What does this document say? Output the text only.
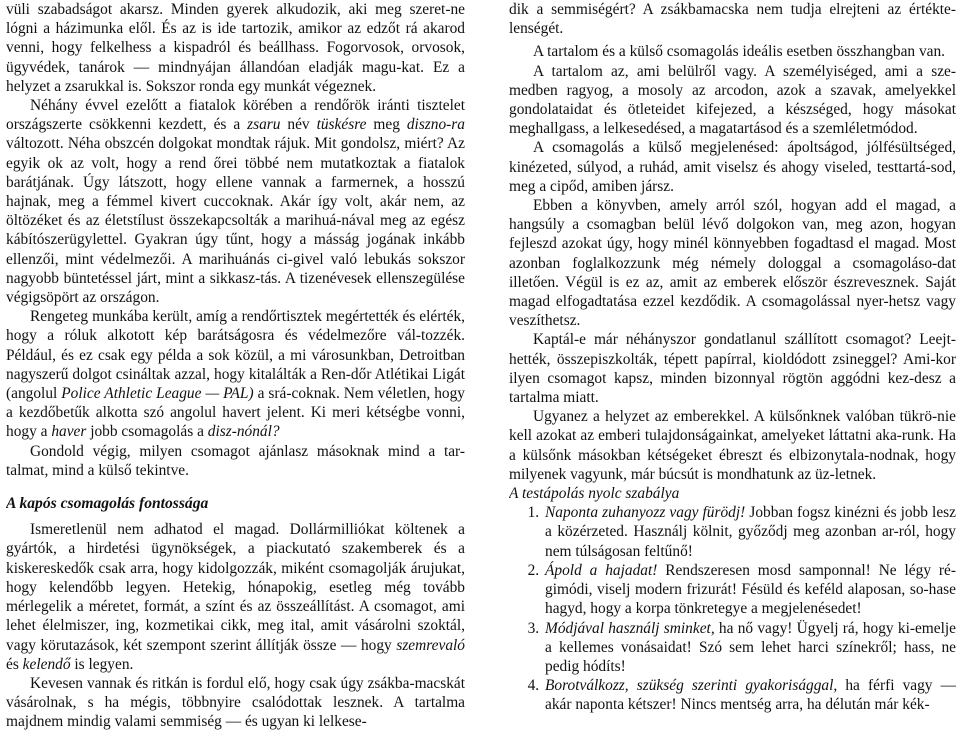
vüli szabadságot akarsz. Minden gyerek alkudozik, aki meg szeret-ne lógni a házimunka elől. És az is ide tartozik, amikor az edzőt rá akarod venni, hogy felkelhess a kispadról és beállhass. Fogorvosok, orvosok, ügyvédek, tanárok — mindnyájan állandóan eladják magu-kat. Ez a helyzet a zsarukkal is. Sokszor ronda egy munkát végeznek.

Néhány évvel ezelőtt a fiatalok körében a rendőrök iránti tisztelet országszerte csökkenni kezdett, és a zsaru név tüskésre meg diszno-ra változott. Néha obszcén dolgokat mondtak rájuk. Mit gondolsz, miért? Az egyik ok az volt, hogy a rend őrei többé nem mutatkoztak a fiatalok barátjának. Úgy látszott, hogy ellene vannak a farmernek, a hosszú hajnak, meg a fémmel kivert cuccoknak. Akár így volt, akár nem, az öltözéket és az életstílust összekapcsolták a marihuá-nával meg az egész kábítószerügylettel. Gyakran úgy tűnt, hogy a másság jogának inkább ellenzői, mint védelmezői. A marihuánás ci-givel való lebukás sokszor nagyobb büntetéssel járt, mint a sikkasz-tás. A tizenévesek ellenszegülése végigsöpört az országon.

Rengeteg munkába került, amíg a rendőrtisztek megértették és elérték, hogy a róluk alkotott kép barátságosra és védelmezőre vál-tozzék. Például, és ez csak egy példa a sok közül, a mi városunkban, Detroitban nagyszerű dolgot csináltak azzal, hogy kitalálták a Ren-dőr Atlétikai Ligát (angolul Police Athletic League — PAL) a srá-coknak. Nem véletlen, hogy a kezdőbetűk alkotta szó angolul havert jelent. Ki meri kétségbe vonni, hogy a haver jobb csomagolás a disz-nónál?

Gondold végig, milyen csomagot ajánlasz másoknak mind a tar-talmat, mind a külső tekintve.

A kapós csomagolás fontossága

Ismeretlenül nem adhatod el magad. Dollármilliókat költenek a gyártók, a hirdetési ügynökségek, a piackutató szakemberek és a kiskereskedők csak arra, hogy kidolgozzák, miként csomagolják árujukat, hogy kelendőbb legyen. Hetekig, hónapokig, esetleg még tovább mérlegelik a méretet, formát, a színt és az összeállítást. A csomagot, ami lehet élelmiszer, ing, kozmetikai cikk, meg ital, amit vásárolni szoktál, vagy körutazások, két szempont szerint állítják össze — hogy szemrevaló és kelendő is legyen.

Kevesen vannak és ritkán is fordul elő, hogy csak úgy zsákba-macskát vásárolnak, s ha mégis, többnyire csalódottak lesznek. A tartalma majdnem mindig valami semmiség — és ugyan ki lelkese-

dik a semmiségért? A zsákbamacska nem tudja elrejteni az értékte-lenségét.

A tartalom és a külső csomagolás ideális esetben összhangban van.

A tartalom az, ami belülről vagy. A személyiséged, ami a sze-medben ragyog, a mosoly az arcodon, azok a szavak, amelyekkel gondolataidat és ötleteidet kifejezed, a készséged, hogy másokat meghallgass, a lelkesedésed, a magatartásod és a szemléletmódod.

A csomagolás a külső megjelenésed: ápoltságod, jólfésültséged, kinézeted, súlyod, a ruhád, amit viselsz és ahogy viseled, testtartá-sod, meg a cipőd, amiben jársz.

Ebben a könyvben, amely arról szól, hogyan add el magad, a hangsúly a csomagban belül lévő dolgokon van, meg azon, hogyan fejleszd azokat úgy, hogy minél könnyebben fogadtasd el magad. Most azonban foglalkozzunk még némely dologgal a csomagoláso-dat illetően. Végül is ez az, amit az emberek először észrevesznek. Saját magad elfogadtatása ezzel kezdődik. A csomagolással nyer-hetsz vagy veszíthetsz.

Kaptál-e már néhányszor gondatlanul szállított csomagot? Leejt-hették, összepiszkolták, tépett papírral, kioldódott zsineggel? Ami-kor ilyen csomagot kapsz, minden bizonnyal rögtön aggódni kez-desz a tartalma miatt.

Ugyanez a helyzet az emberekkel. A külsőnknek valóban tükrö-nie kell azokat az emberi tulajdonságainkat, amelyeket láttatni aka-runk. Ha a külsőnk másokban kétségeket ébreszt és elbizonytala-nodnak, hogy milyenek vagyunk, már búcsút is mondhatunk az üz-letnek.

A testápolás nyolc szabálya

1. Naponta zuhanyozz vagy fürödj! Jobban fogsz kinézni és jobb lesz a közérzeted. Használj kölnit, győződj meg azonban ar-ról, hogy nem túlságosan feltűnő!
2. Ápold a hajadat! Rendszeresen mosd samponnal! Ne légy ré-gimódi, viselj modern frizurát! Fésüld és keféld alaposan, so-hase hagyd, hogy a korpa tönkretegye a megjelenésedet!
3. Módjával használj sminket, ha nő vagy! Ügyelj rá, hogy ki-emelje a kellemes vonásaidat! Szó sem lehet harci színekről; hass, ne pedig hódíts!
4. Borotválkozz, szükség szerinti gyakorisággal, ha férfi vagy — akár naponta kétszer! Nincs mentség arra, ha délután már kék-
